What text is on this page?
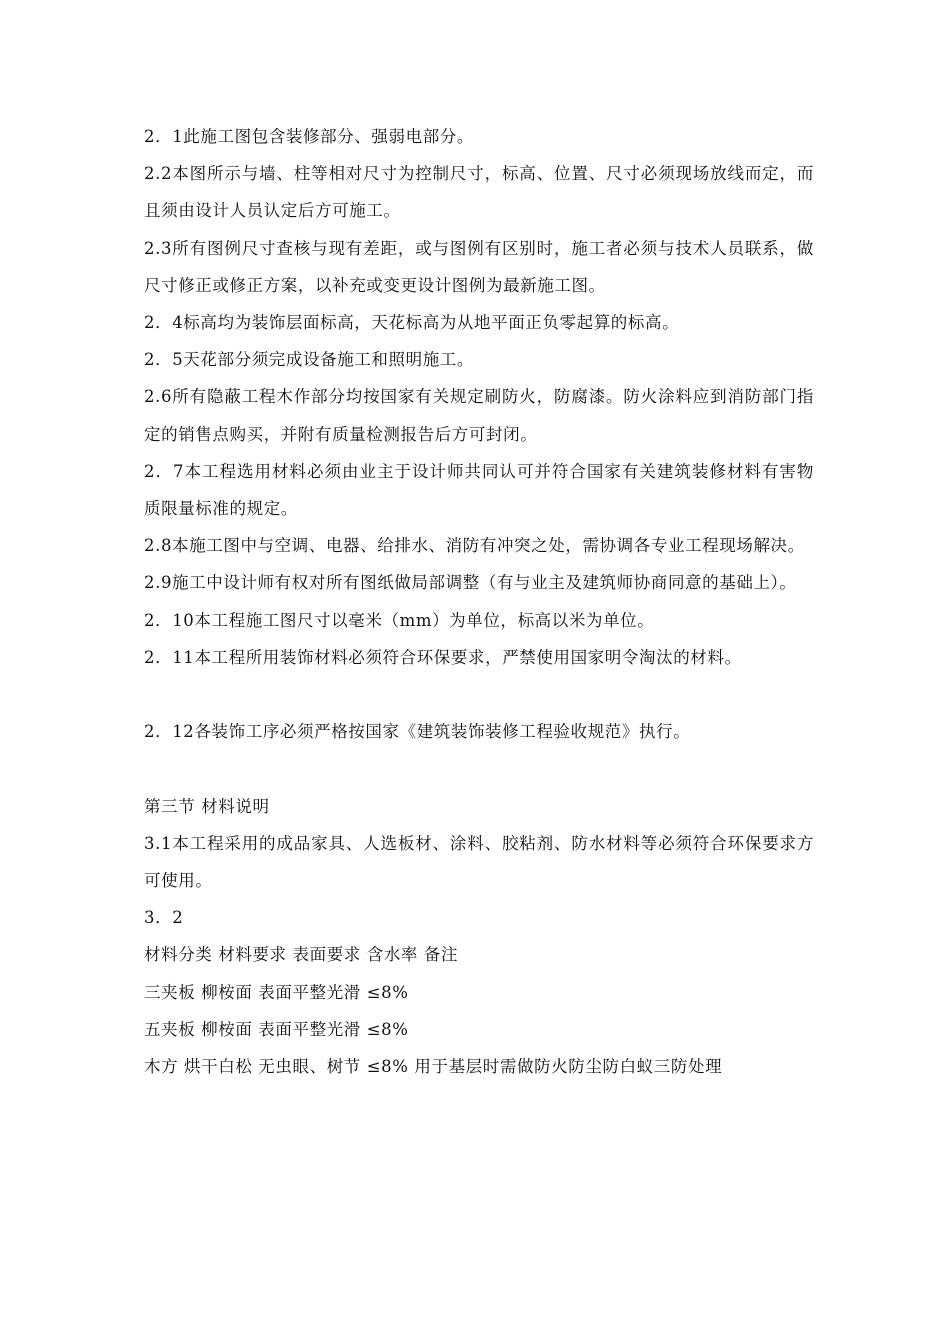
2．1此施工图包含装修部分、强弱电部分。

2.2本图所示与墙、柱等相对尺寸为控制尺寸，标高、位置、尺寸必须现场放线而定，而且须由设计人员认定后方可施工。

2.3所有图例尺寸查核与现有差距，或与图例有区别时，施工者必须与技术人员联系，做尺寸修正或修正方案，以补充或变更设计图例为最新施工图。

2．4标高均为装饰层面标高，天花标高为从地平面正负零起算的标高。

2．5天花部分须完成设备施工和照明施工。

2.6所有隐蔽工程木作部分均按国家有关规定刷防火，防腐漆。防火涂料应到消防部门指定的销售点购买，并附有质量检测报告后方可封闭。

2．7本工程选用材料必须由业主于设计师共同认可并符合国家有关建筑装修材料有害物质限量标准的规定。

2.8本施工图中与空调、电器、给排水、消防有冲突之处，需协调各专业工程现场解决。

2.9施工中设计师有权对所有图纸做局部调整（有与业主及建筑师协商同意的基础上）。

2．10本工程施工图尺寸以毫米（mm）为单位，标高以米为单位。

2．11本工程所用装饰材料必须符合环保要求，严禁使用国家明令淘汰的材料。

2．12各装饰工序必须严格按国家《建筑装饰装修工程验收规范》执行。

第三节 材料说明

3.1本工程采用的成品家具、人选板材、涂料、胶粘剂、防水材料等必须符合环保要求方可使用。

3．2

材料分类 材料要求 表面要求 含水率 备注

三夹板 柳桉面 表面平整光滑 ≤8%

五夹板 柳桉面 表面平整光滑 ≤8%

木方 烘干白松 无虫眼、树节 ≤8% 用于基层时需做防火防尘防白蚁三防处理
